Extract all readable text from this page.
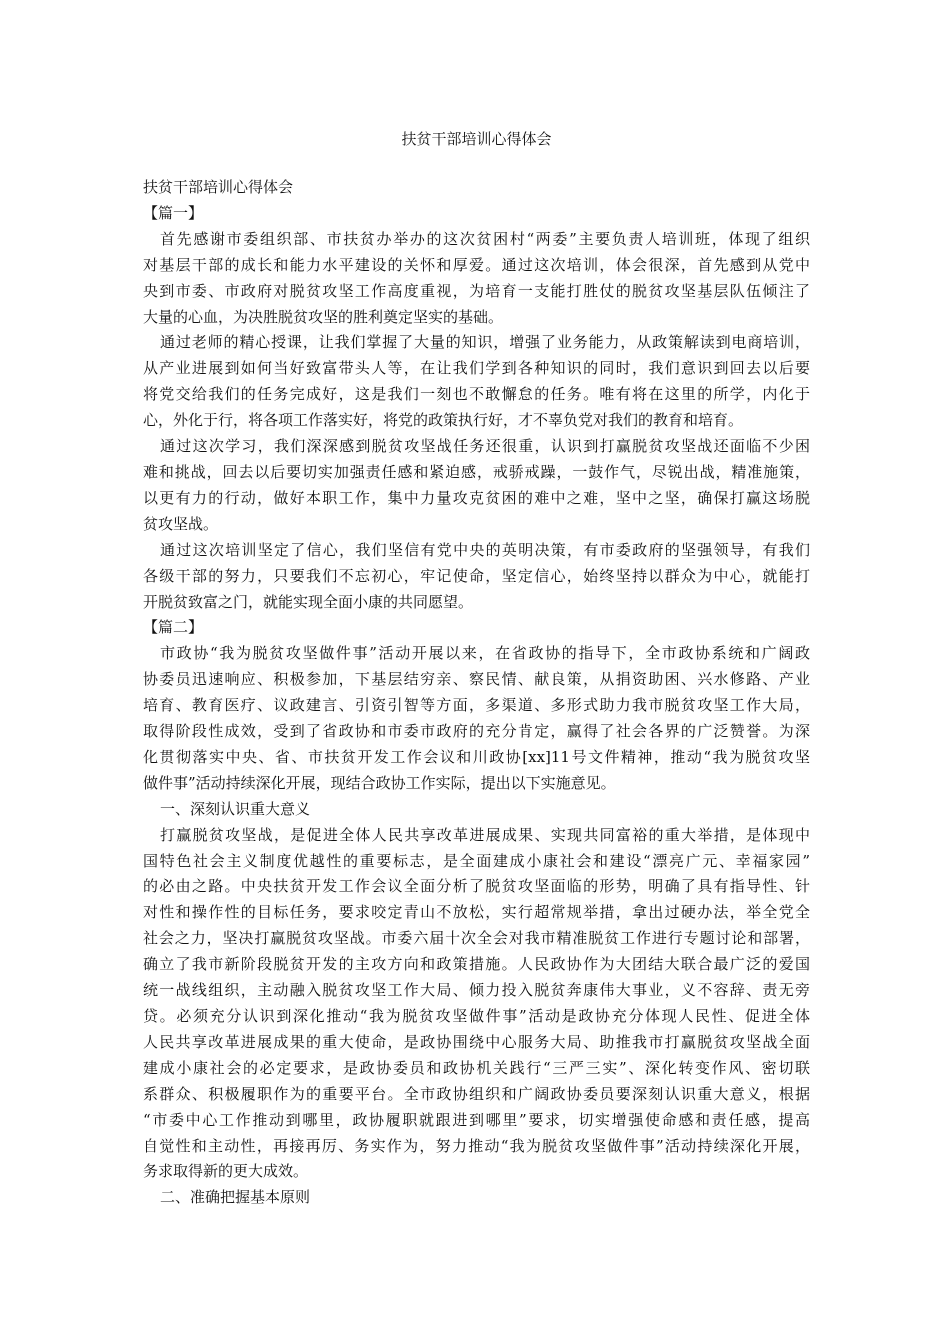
扶贫干部培训心得体会
扶贫干部培训心得体会
【篇一】
首先感谢市委组织部、市扶贫办举办的这次贫困村“两委”主要负责人培训班，体现了组织
对基层干部的成长和能力水平建设的关怀和厚爱。通过这次培训，体会很深，首先感到从党中
央到市委、市政府对脱贫攻坚工作高度重视，为培育一支能打胜仗的脱贫攻坚基层队伍倾注了
大量的心血，为决胜脱贫攻坚的胜利奠定坚实的基础。
通过老师的精心授课，让我们掌握了大量的知识，增强了业务能力，从政策解读到电商培训，
从产业进展到如何当好致富带头人等，在让我们学到各种知识的同时，我们意识到回去以后要
将党交给我们的任务完成好，这是我们一刻也不敢懈怠的任务。唯有将在这里的所学，内化于
心，外化于行，将各项工作落实好，将党的政策执行好，才不辜负党对我们的教育和培育。
通过这次学习，我们深深感到脱贫攻坚战任务还很重，认识到打赢脱贫攻坚战还面临不少困
难和挑战，回去以后要切实加强责任感和紧迫感，戒骄戒躁，一鼓作气，尽锐出战，精准施策，
以更有力的行动，做好本职工作，集中力量攻克贫困的难中之难，坚中之坚，确保打赢这场脱
贫攻坚战。
通过这次培训坚定了信心，我们坚信有党中央的英明决策，有市委政府的坚强领导，有我们
各级干部的努力，只要我们不忘初心，牢记使命，坚定信心，始终坚持以群众为中心，就能打
开脱贫致富之门，就能实现全面小康的共同愿望。
【篇二】
市政协“我为脱贫攻坚做件事”活动开展以来，在省政协的指导下，全市政协系统和广阔政
协委员迅速响应、积极参加，下基层结穷亲、察民情、献良策，从捐资助困、兴水修路、产业
培育、教育医疗、议政建言、引资引智等方面，多渠道、多形式助力我市脱贫攻坚工作大局，
取得阶段性成效，受到了省政协和市委市政府的充分肯定，赢得了社会各界的广泛赞誉。为深
化贯彻落实中央、省、市扶贫开发工作会议和川政协[xx]11号文件精神，推动“我为脱贫攻坚
做件事”活动持续深化开展，现结合政协工作实际，提出以下实施意见。
一、深刻认识重大意义
打赢脱贫攻坚战，是促进全体人民共享改革进展成果、实现共同富裕的重大举措，是体现中
国特色社会主义制度优越性的重要标志，是全面建成小康社会和建设“漂亮广元、幸福家园”
的必由之路。中央扶贫开发工作会议全面分析了脱贫攻坚面临的形势，明确了具有指导性、针
对性和操作性的目标任务，要求咬定青山不放松，实行超常规举措，拿出过硬办法，举全党全
社会之力，坚决打赢脱贫攻坚战。市委六届十次全会对我市精准脱贫工作进行专题讨论和部署，
确立了我市新阶段脱贫开发的主攻方向和政策措施。人民政协作为大团结大联合最广泛的爱国
统一战线组织，主动融入脱贫攻坚工作大局、倾力投入脱贫奔康伟大事业，义不容辞、责无旁
贷。必须充分认识到深化推动“我为脱贫攻坚做件事”活动是政协充分体现人民性、促进全体
人民共享改革进展成果的重大使命，是政协围绕中心服务大局、助推我市打赢脱贫攻坚战全面
建成小康社会的必定要求，是政协委员和政协机关践行“三严三实”、深化转变作风、密切联
系群众、积极履职作为的重要平台。全市政协组织和广阔政协委员要深刻认识重大意义，根据
“市委中心工作推动到哪里，政协履职就跟进到哪里”要求，切实增强使命感和责任感，提高
自觉性和主动性，再接再厉、务实作为，努力推动“我为脱贫攻坚做件事”活动持续深化开展，
务求取得新的更大成效。
二、准确把握基本原则
